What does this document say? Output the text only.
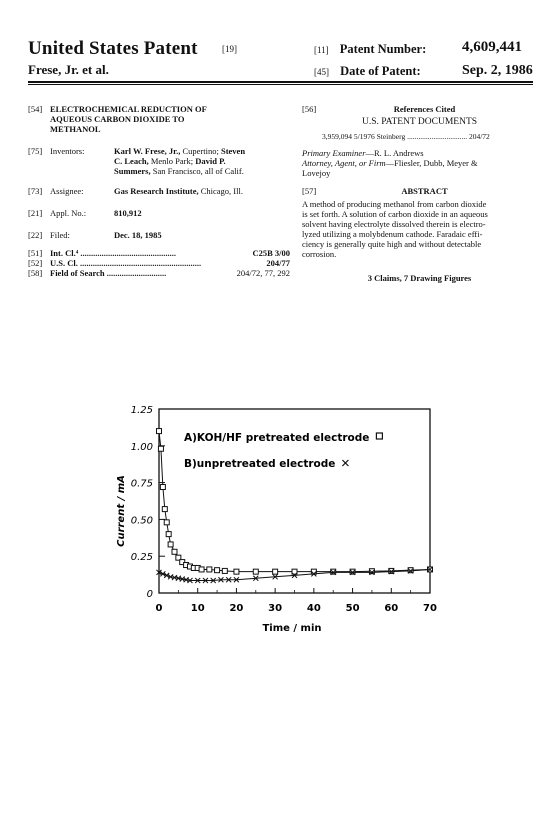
United States Patent	[19]
Frese, Jr. et al.
[11] Patent Number: 4,609,441
[45] Date of Patent:	Sep. 2, 1986
[54] ELECTROCHEMICAL REDUCTION OF
AQUEOUS CARBON DIOXIDE TO
METHANOL
[75] Inventors:	Karl W. Frese, Jr., Cupertino; Steven
C. Leach, Menlo Park; David P.
Summers, San Francisco, all of Calif.
[73] Assignee:	Gas Research Institute, Chicago, Ill.
[21] Appl. No.:	810,912
[22] Filed:	Dec. 18, 1985
[51] Int. Cl.⁴ .............................................	C25B 3/00
[52] U.S. Cl. .........................................................	204/77
[58] Field of Search ............................	204/72, 77, 292
[56]	References Cited
U.S. PATENT DOCUMENTS
3,959,094 5/1976 Steinberg ................................ 204/72
Primary Examiner—R. L. Andrews
Attorney, Agent, or Firm—Fliesler, Dubb, Meyer &
Lovejoy
[57]	ABSTRACT
A method of producing methanol from carbon dioxide
is set forth. A solution of carbon dioxide in an aqueous
solvent having electrolyte dissolved therein is electro-
lyzed utilizing a molybdenum cathode. Faradaic effi-
ciency is generally quite high and without detectable
corrosion.
3 Claims, 7 Drawing Figures
0	10 20 30 40 50 60 70
0
0.25
0.50
0.75
1.00
1.25
A)KOH/HF pretreated electrode
B)unpretreated electrode
Time / min
Current / mA
